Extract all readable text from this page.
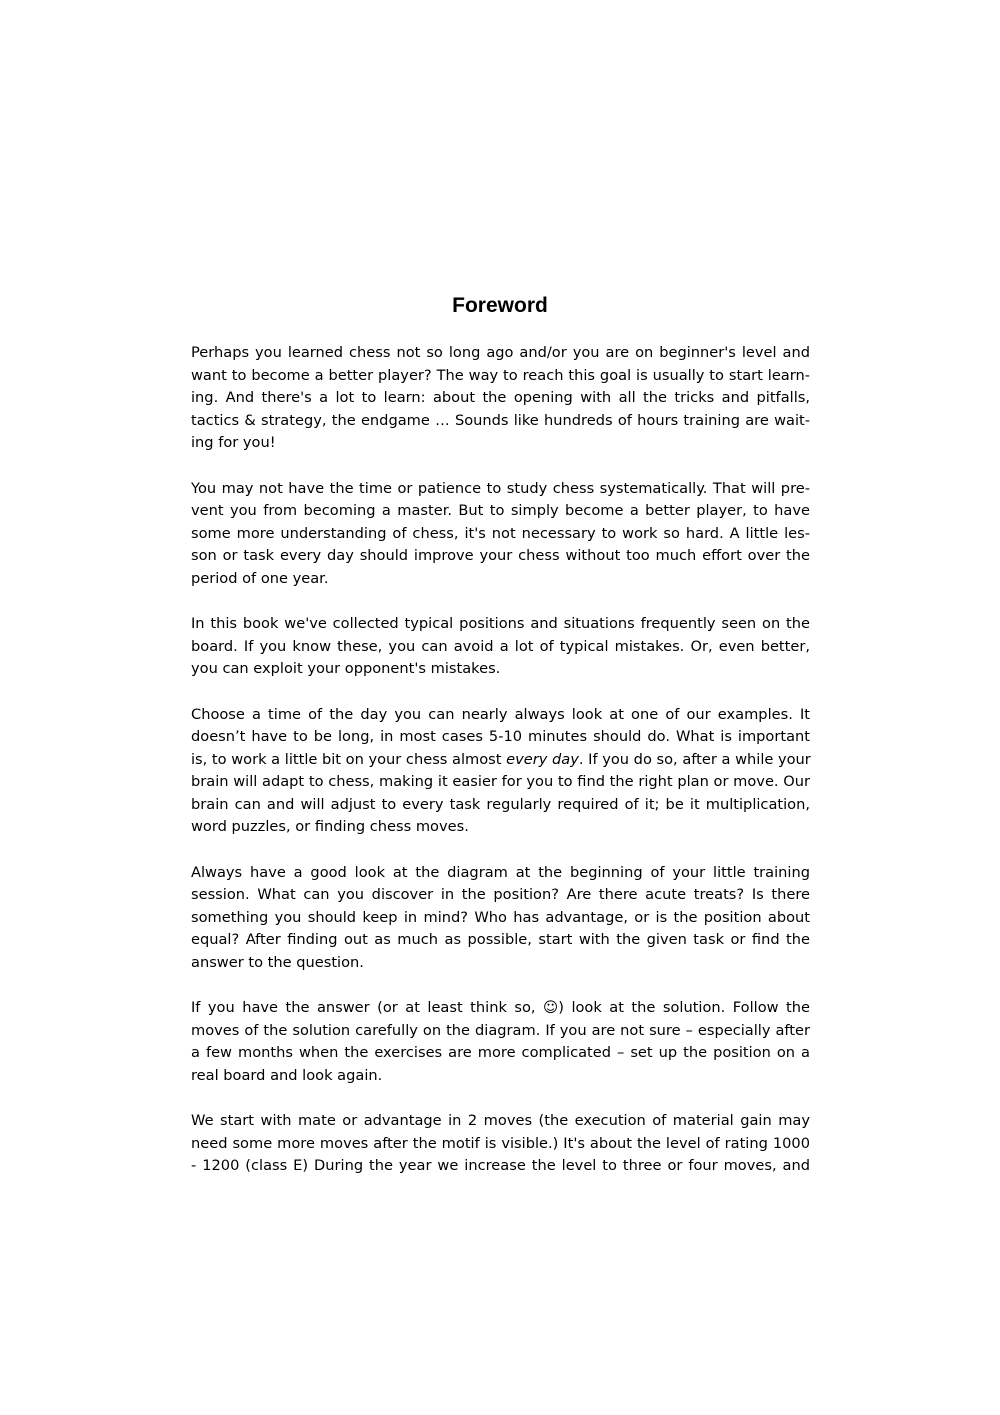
Foreword

Perhaps you learned chess not so long ago and/or you are on beginner's level and
want to become a better player? The way to reach this goal is usually to start learn-
ing. And there's a lot to learn: about the opening with all the tricks and pitfalls,
tactics & strategy, the endgame … Sounds like hundreds of hours training are wait-
ing for you!

You may not have the time or patience to study chess systematically. That will pre-
vent you from becoming a master. But to simply become a better player, to have
some more understanding of chess, it's not necessary to work so hard. A little les-
son or task every day should improve your chess without too much effort over the
period of one year.

In this book we've collected typical positions and situations frequently seen on the
board. If you know these, you can avoid a lot of typical mistakes. Or, even better,
you can exploit your opponent's mistakes.

Choose a time of the day you can nearly always look at one of our examples. It
doesn’t have to be long, in most cases 5-10 minutes should do. What is important
is, to work a little bit on your chess almost every day. If you do so, after a while your
brain will adapt to chess, making it easier for you to find the right plan or move. Our
brain can and will adjust to every task regularly required of it; be it multiplication,
word puzzles, or finding chess moves.

Always have a good look at the diagram at the beginning of your little training
session. What can you discover in the position? Are there acute treats? Is there
something you should keep in mind? Who has advantage, or is the position about
equal? After finding out as much as possible, start with the given task or find the
answer to the question.

If you have the answer (or at least think so, ☺) look at the solution. Follow the
moves of the solution carefully on the diagram. If you are not sure – especially after
a few months when the exercises are more complicated – set up the position on a
real board and look again.

We start with mate or advantage in 2 moves (the execution of material gain may
need some more moves after the motif is visible.) It's about the level of rating 1000
- 1200 (class E) During the year we increase the level to three or four moves, and
